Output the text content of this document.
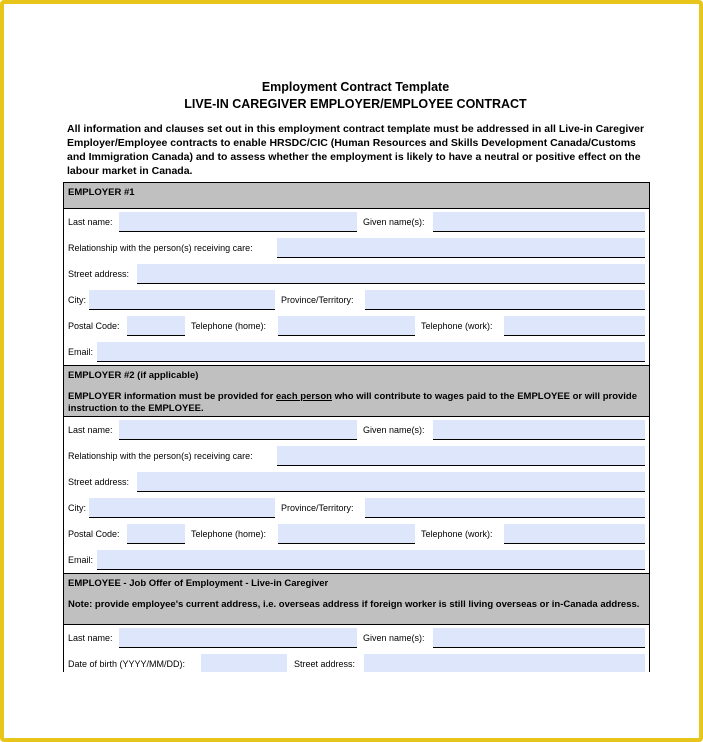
Employment Contract Template
LIVE-IN CAREGIVER EMPLOYER/EMPLOYEE CONTRACT
All information and clauses set out in this employment contract template must be addressed in all Live-in Caregiver Employer/Employee contracts to enable HRSDC/CIC (Human Resources and Skills Development Canada/Customs and Immigration Canada) and to assess whether the employment is likely to have a neutral or positive effect on the labour market in Canada.
EMPLOYER #1
Last name:	Given name(s):
Relationship with the person(s) receiving care:
Street address:
City:	Province/Territory:
Postal Code:	Telephone (home):	Telephone (work):
Email:
EMPLOYER #2 (if applicable)
EMPLOYER information must be provided for each person who will contribute to wages paid to the EMPLOYEE or will provide instruction to the EMPLOYEE.
Last name:	Given name(s):
Relationship with the person(s) receiving care:
Street address:
City:	Province/Territory:
Postal Code:	Telephone (home):	Telephone (work):
Email:
EMPLOYEE - Job Offer of Employment - Live-in Caregiver
Note: provide employee's current address, i.e. overseas address if foreign worker is still living overseas or in-Canada address.
Last name:	Given name(s):
Date of birth (YYYY/MM/DD):	Street address:
